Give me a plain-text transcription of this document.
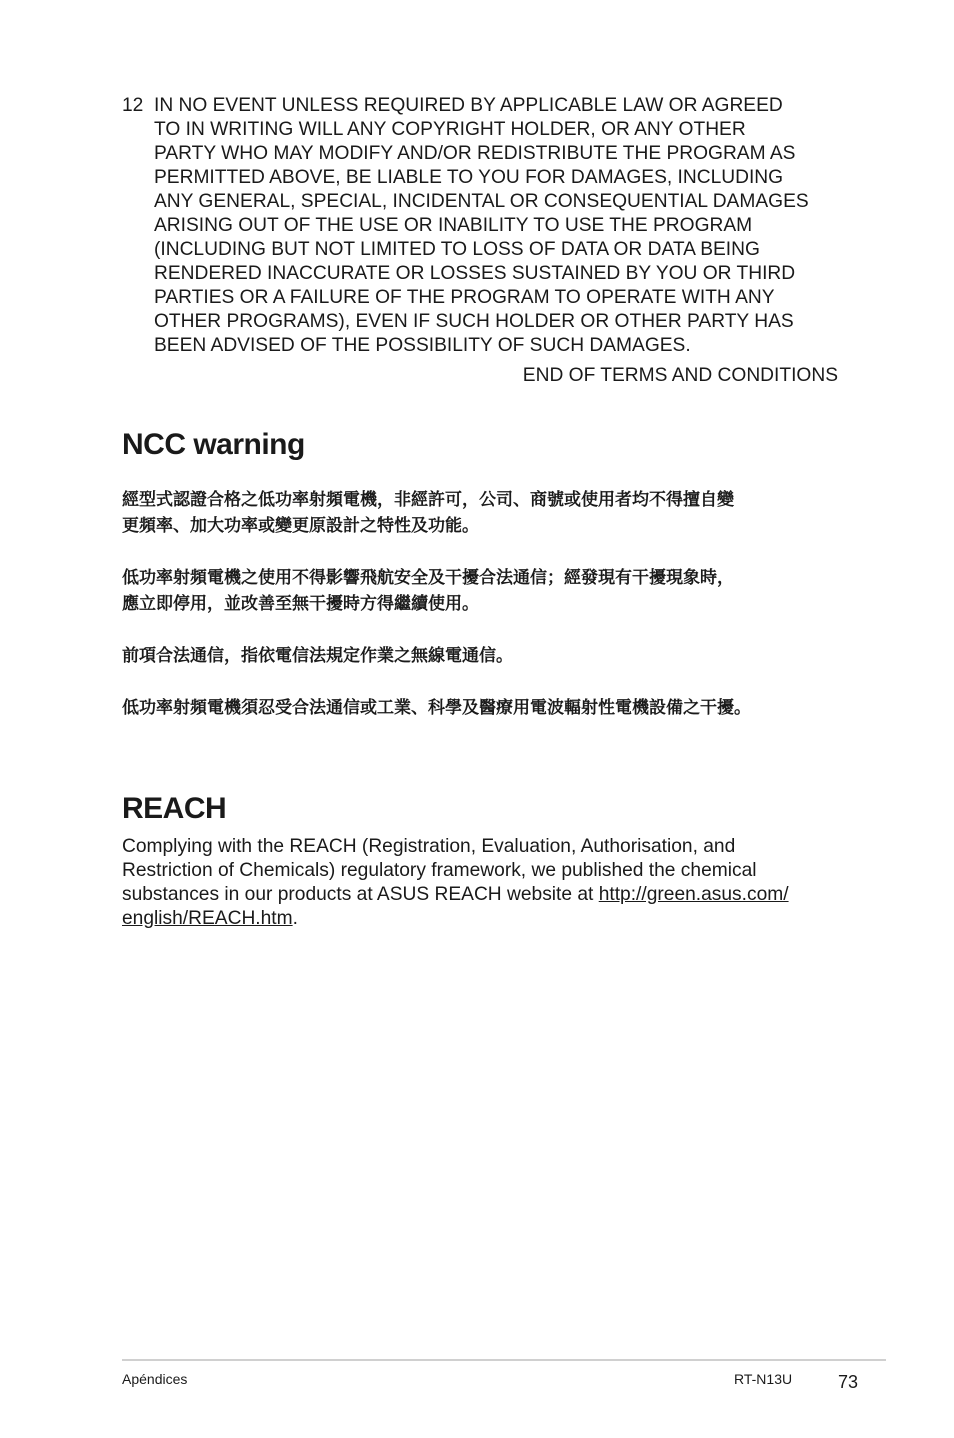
12 IN NO EVENT UNLESS REQUIRED BY APPLICABLE LAW OR AGREED
TO IN WRITING WILL ANY COPYRIGHT HOLDER, OR ANY OTHER
PARTY WHO MAY MODIFY AND/OR REDISTRIBUTE THE PROGRAM AS
PERMITTED ABOVE, BE LIABLE TO YOU FOR DAMAGES, INCLUDING
ANY GENERAL, SPECIAL, INCIDENTAL OR CONSEQUENTIAL DAMAGES
ARISING OUT OF THE USE OR INABILITY TO USE THE PROGRAM
(INCLUDING BUT NOT LIMITED TO LOSS OF DATA OR DATA BEING
RENDERED INACCURATE OR LOSSES SUSTAINED BY YOU OR THIRD
PARTIES OR A FAILURE OF THE PROGRAM TO OPERATE WITH ANY
OTHER PROGRAMS), EVEN IF SUCH HOLDER OR OTHER PARTY HAS
BEEN ADVISED OF THE POSSIBILITY OF SUCH DAMAGES.
END OF TERMS AND CONDITIONS
NCC warning

經型式認證合格之低功率射頻電機，非經許可，公司、商號或使用者均不得擅自變
更頻率、加大功率或變更原設計之特性及功能。

低功率射頻電機之使用不得影響飛航安全及干擾合法通信；經發現有干擾現象時，
應立即停用，並改善至無干擾時方得繼續使用。

前項合法通信，指依電信法規定作業之無線電通信。

低功率射頻電機須忍受合法通信或工業、科學及醫療用電波輻射性電機設備之干擾。

REACH

Complying with the REACH (Registration, Evaluation, Authorisation, and Restriction of Chemicals) regulatory framework, we published the chemical substances in our products at ASUS REACH website at http://green.asus.com/ english/REACH.htm.

Apéndices	RT-N13U	73
